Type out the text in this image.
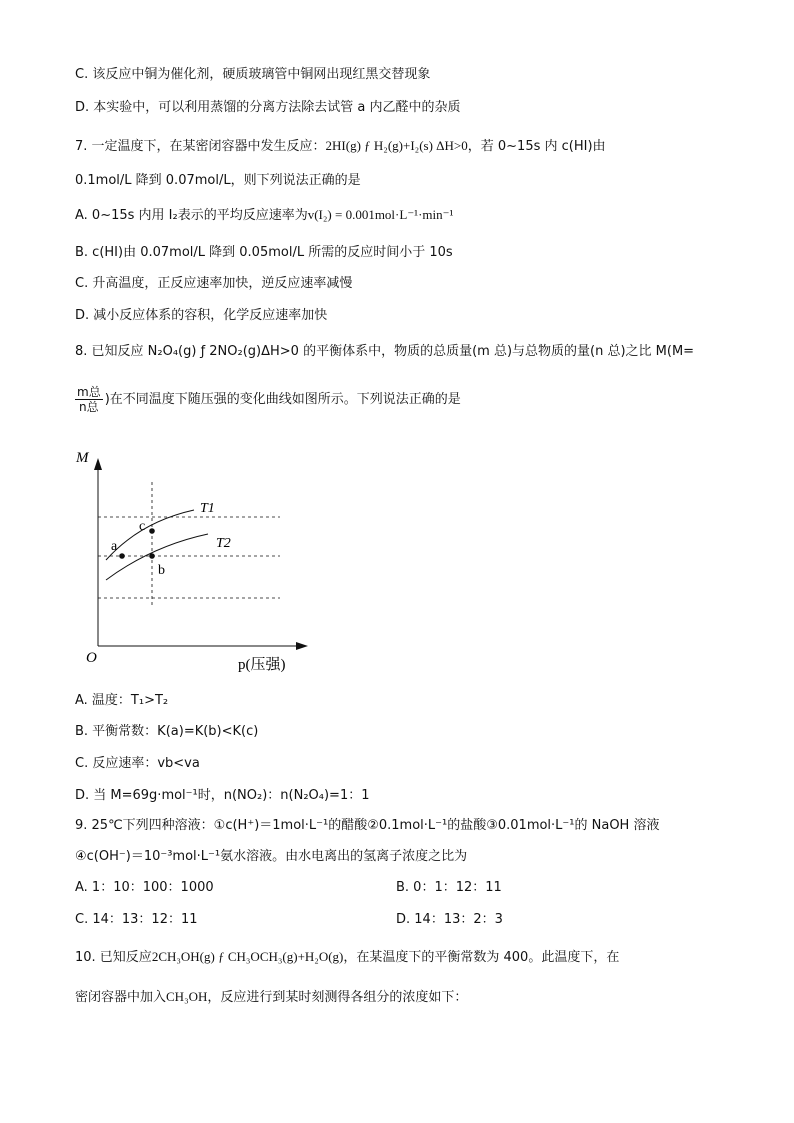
C. 该反应中铜为催化剂，硬质玻璃管中铜网出现红黑交替现象
D. 本实验中，可以利用蒸馏的分离方法除去试管 a 内乙醛中的杂质
7. 一定温度下，在某密闭容器中发生反应：2HI(g) ƒ H₂(g)+I₂(s) ΔH>0，若 0~15s 内 c(HI)由
0.1mol/L 降到 0.07mol/L，则下列说法正确的是
A. 0~15s 内用 I₂表示的平均反应速率为v(I₂) = 0.001mol·L⁻¹·min⁻¹
B. c(HI)由 0.07mol/L 降到 0.05mol/L 所需的反应时间小于 10s
C. 升高温度，正反应速率加快，逆反应速率减慢
D. 减小反应体系的容积，化学反应速率加快
8. 已知反应 N₂O₄(g) ƒ 2NO₂(g)ΔH>0 的平衡体系中，物质的总质量(m 总)与总物质的量(n 总)之比 M(M=
$\frac{\text{m总}}{\text{n总}}$ )在不同温度下随压强的变化曲线如图所示。下列说法正确的是
M
O	p(压强)
T1
T2
a
b
c
A. 温度：T₁>T₂
B. 平衡常数：K(a)=K(b)<K(c)
C. 反应速率：vb<va
D. 当 M=69g·mol⁻¹时，n(NO₂)：n(N₂O₄)=1：1
9. 25℃下列四种溶液：①c(H⁺)＝1mol·L⁻¹的醋酸②0.1mol·L⁻¹的盐酸③0.01mol·L⁻¹的 NaOH 溶液
④c(OH⁻)＝10⁻³mol·L⁻¹氨水溶液。由水电离出的氢离子浓度之比为
A. 1：10：100：1000	B. 0：1：12：11
C. 14：13：12：11	D. 14：13：2：3
10. 已知反应2CH₃OH(g) ƒ CH₃OCH₃(g)+H₂O(g)，在某温度下的平衡常数为 400。此温度下，在
密闭容器中加入CH₃OH，反应进行到某时刻测得各组分的浓度如下：
